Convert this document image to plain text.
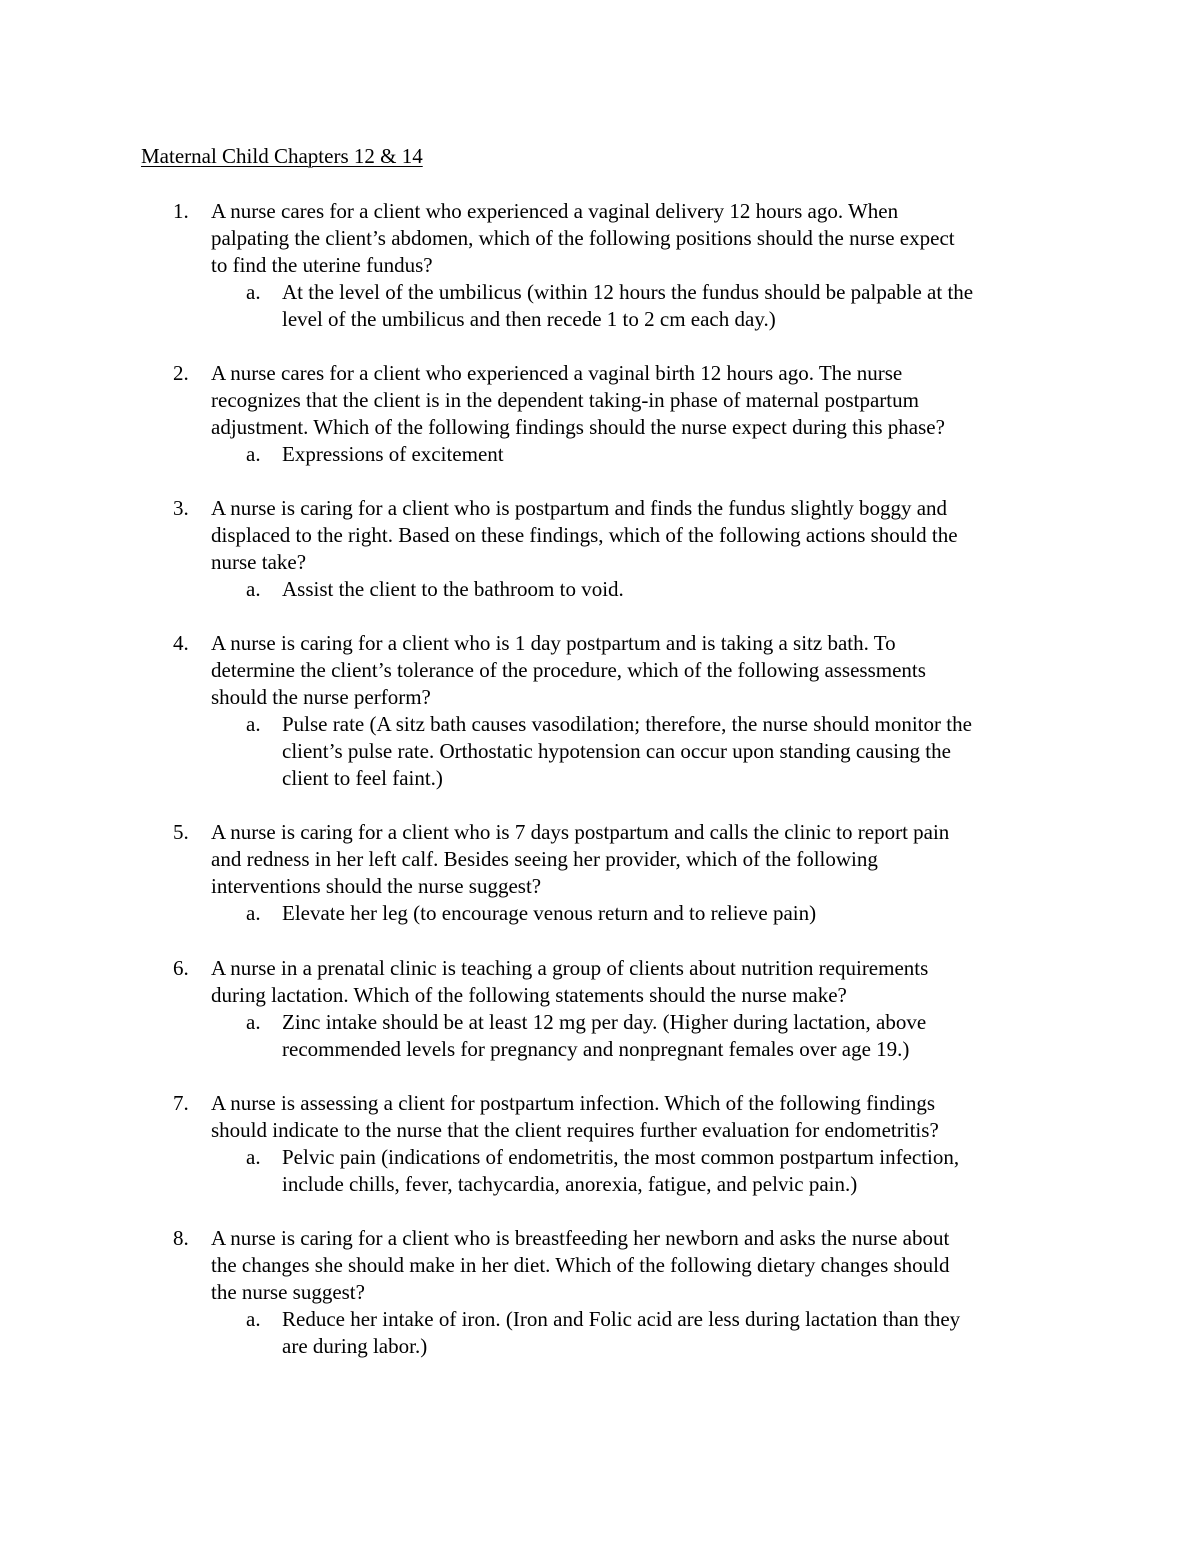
Maternal Child Chapters 12 & 14
1. A nurse cares for a client who experienced a vaginal delivery 12 hours ago. When
palpating the client’s abdomen, which of the following positions should the nurse expect
to find the uterine fundus?
a. At the level of the umbilicus (within 12 hours the fundus should be palpable at the
level of the umbilicus and then recede 1 to 2 cm each day.)
2. A nurse cares for a client who experienced a vaginal birth 12 hours ago. The nurse
recognizes that the client is in the dependent taking-in phase of maternal postpartum
adjustment. Which of the following findings should the nurse expect during this phase?
a. Expressions of excitement
3. A nurse is caring for a client who is postpartum and finds the fundus slightly boggy and
displaced to the right. Based on these findings, which of the following actions should the
nurse take?
a. Assist the client to the bathroom to void.
4. A nurse is caring for a client who is 1 day postpartum and is taking a sitz bath. To
determine the client’s tolerance of the procedure, which of the following assessments
should the nurse perform?
a. Pulse rate (A sitz bath causes vasodilation; therefore, the nurse should monitor the
client’s pulse rate. Orthostatic hypotension can occur upon standing causing the
client to feel faint.)
5. A nurse is caring for a client who is 7 days postpartum and calls the clinic to report pain
and redness in her left calf. Besides seeing her provider, which of the following
interventions should the nurse suggest?
a. Elevate her leg (to encourage venous return and to relieve pain)
6. A nurse in a prenatal clinic is teaching a group of clients about nutrition requirements
during lactation. Which of the following statements should the nurse make?
a. Zinc intake should be at least 12 mg per day. (Higher during lactation, above
recommended levels for pregnancy and nonpregnant females over age 19.)
7. A nurse is assessing a client for postpartum infection. Which of the following findings
should indicate to the nurse that the client requires further evaluation for endometritis?
a. Pelvic pain (indications of endometritis, the most common postpartum infection,
include chills, fever, tachycardia, anorexia, fatigue, and pelvic pain.)
8. A nurse is caring for a client who is breastfeeding her newborn and asks the nurse about
the changes she should make in her diet. Which of the following dietary changes should
the nurse suggest?
a. Reduce her intake of iron. (Iron and Folic acid are less during lactation than they
are during labor.)
